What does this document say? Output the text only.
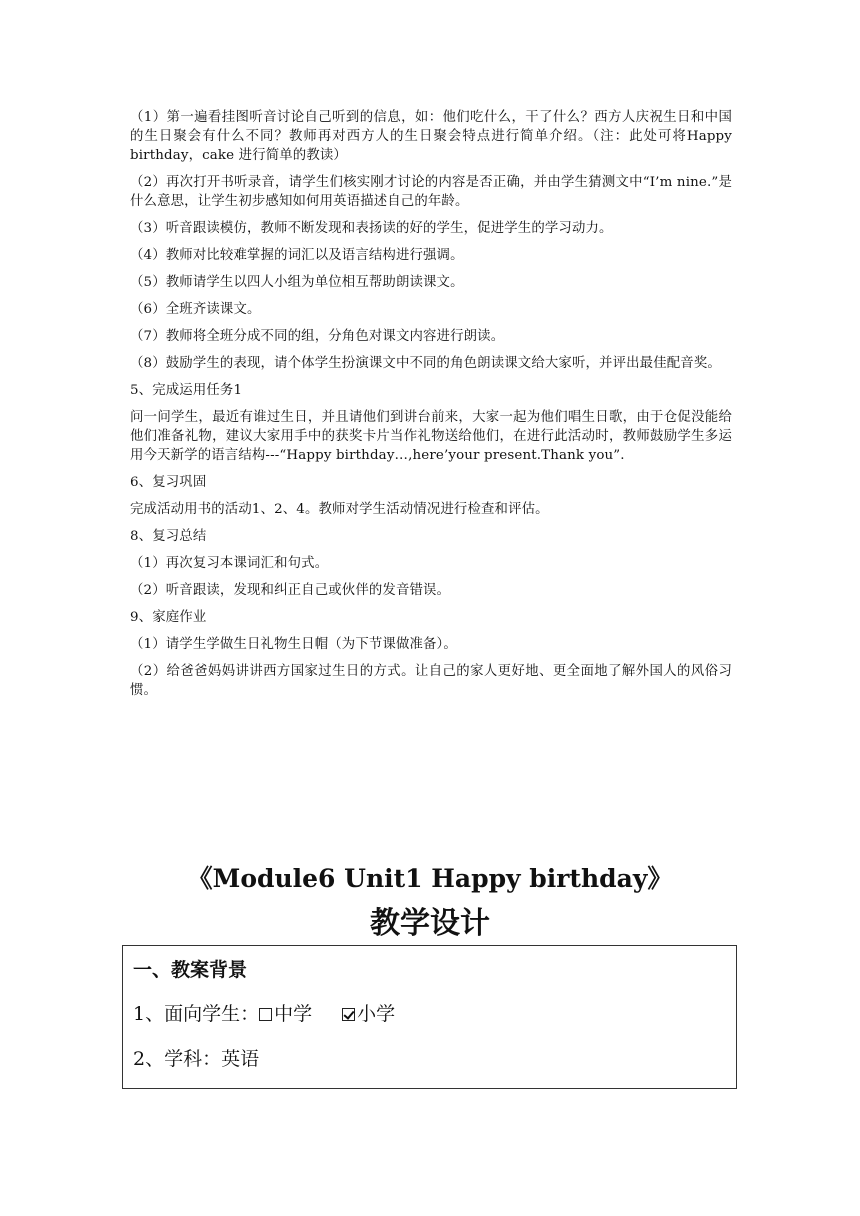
（1）第一遍看挂图听音讨论自己听到的信息，如：他们吃什么，干了什么？西方人庆祝生日和中国的生日聚会有什么不同？教师再对西方人的生日聚会特点进行简单介绍。（注：此处可将Happy birthday，cake 进行简单的教读）

（2）再次打开书听录音，请学生们核实刚才讨论的内容是否正确，并由学生猜测文中“I’m nine.”是什么意思，让学生初步感知如何用英语描述自己的年龄。

（3）听音跟读模仿，教师不断发现和表扬读的好的学生，促进学生的学习动力。

（4）教师对比较难掌握的词汇以及语言结构进行强调。

（5）教师请学生以四人小组为单位相互帮助朗读课文。

（6）全班齐读课文。

（7）教师将全班分成不同的组，分角色对课文内容进行朗读。

（8）鼓励学生的表现，请个体学生扮演课文中不同的角色朗读课文给大家听，并评出最佳配音奖。

5、完成运用任务1

问一问学生，最近有谁过生日，并且请他们到讲台前来，大家一起为他们唱生日歌，由于仓促没能给他们准备礼物，建议大家用手中的获奖卡片当作礼物送给他们，在进行此活动时，教师鼓励学生多运用今天新学的语言结构---“Happy birthday…,here’your present.Thank you”.

6、复习巩固

完成活动用书的活动1、2、4。教师对学生活动情况进行检查和评估。

8、复习总结

（1）再次复习本课词汇和句式。

（2）听音跟读，发现和纠正自己或伙伴的发音错误。

9、家庭作业

（1）请学生学做生日礼物生日帽（为下节课做准备）。

（2）给爸爸妈妈讲讲西方国家过生日的方式。让自己的家人更好地、更全面地了解外国人的风俗习惯。

《Module6 Unit1 Happy birthday》
教学设计
一、教案背景
1、面向学生： 中学 小学
2、学科：英语
